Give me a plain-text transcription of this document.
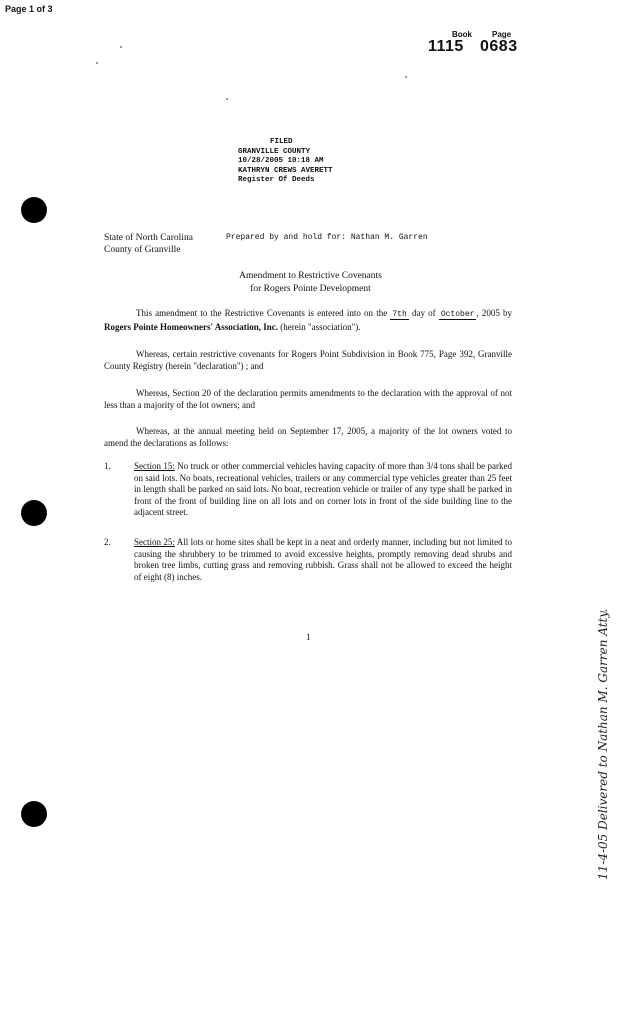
Page 1 of 3
Book	Page
1115 0683
FILED
GRANVILLE COUNTY
10/28/2005 10:18 AM
KATHRYN CREWS AVERETT
Register Of Deeds
State of North Carolina
County of Granville
Prepared by and hold for: Nathan M. Garren
Amendment to Restrictive Covenants
for Rogers Pointe Development
This amendment to the Restrictive Covenants is entered into on the 7th day of October , 2005 by Rogers Pointe Homeowners' Association, Inc. (herein "association").
Whereas, certain restrictive covenants for Rogers Point Subdivision in Book 775, Page 392, Granville County Registry (herein "declaration") ; and
Whereas, Section 20 of the declaration permits amendments to the declaration with the approval of not less than a majority of the lot owners; and
Whereas, at the annual meeting held on September 17, 2005, a majority of the lot owners voted to amend the declarations as follows:
1.	Section 15: No truck or other commercial vehicles having capacity of more than 3/4 tons shall be parked on said lots. No boats, recreational vehicles, trailers or any commercial type vehicles greater than 25 feet in length shall be parked on said lots. No boat, recreation vehicle or trailer of any type shall be parked in front of the front of building line on all lots and on corner lots in front of the side building line to the adjacent street.
2.	Section 25: All lots or home sites shall be kept in a neat and orderly manner, including but not limited to causing the shrubbery to be trimmed to avoid excessive heights, promptly removing dead shrubs and broken tree limbs, cutting grass and removing rubbish. Grass shall not be allowed to exceed the height of eight (8) inches.
1	11-4-05 Delivered to Nathan M. Garren Atty.
